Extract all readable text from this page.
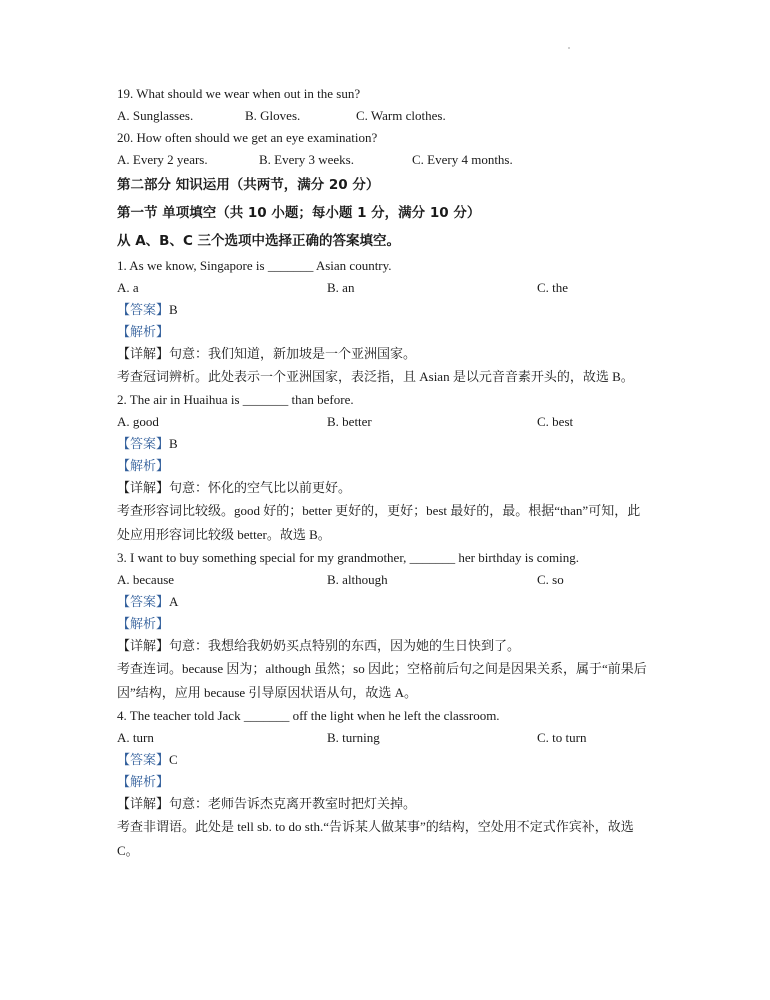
19. What should we wear when out in the sun?
A. Sunglasses.	B. Gloves.	C. Warm clothes.
20. How often should we get an eye examination?
A. Every 2 years.	B. Every 3 weeks.	C. Every 4 months.
第二部分 知识运用（共两节，满分 20 分）
第一节 单项填空（共 10 小题；每小题 1 分，满分 10 分）
从 A、B、C 三个选项中选择正确的答案填空。
1. As we know, Singapore is _______ Asian country.
A. a	B. an	C. the
【答案】B
【解析】
【详解】句意：我们知道，新加坡是一个亚洲国家。
考查冠词辨析。此处表示一个亚洲国家，表泛指，且 Asian 是以元音音素开头的，故选 B。
2. The air in Huaihua is _______ than before.
A. good	B. better	C. best
【答案】B
【解析】
【详解】句意：怀化的空气比以前更好。
考查形容词比较级。good 好的；better 更好的，更好；best 最好的，最。根据“than”可知，此处应用形容词比较级 better。故选 B。
3. I want to buy something special for my grandmother, _______ her birthday is coming.
A. because	B. although	C. so
【答案】A
【解析】
【详解】句意：我想给我奶奶买点特别的东西，因为她的生日快到了。
考查连词。because 因为；although 虽然；so 因此；空格前后句之间是因果关系，属于“前果后因”结构，应用 because 引导原因状语从句，故选 A。
4. The teacher told Jack _______ off the light when he left the classroom.
A. turn	B. turning	C. to turn
【答案】C
【解析】
【详解】句意：老师告诉杰克离开教室时把灯关掉。
考查非谓语。此处是 tell sb. to do sth.“告诉某人做某事”的结构，空处用不定式作宾补，故选 C。
